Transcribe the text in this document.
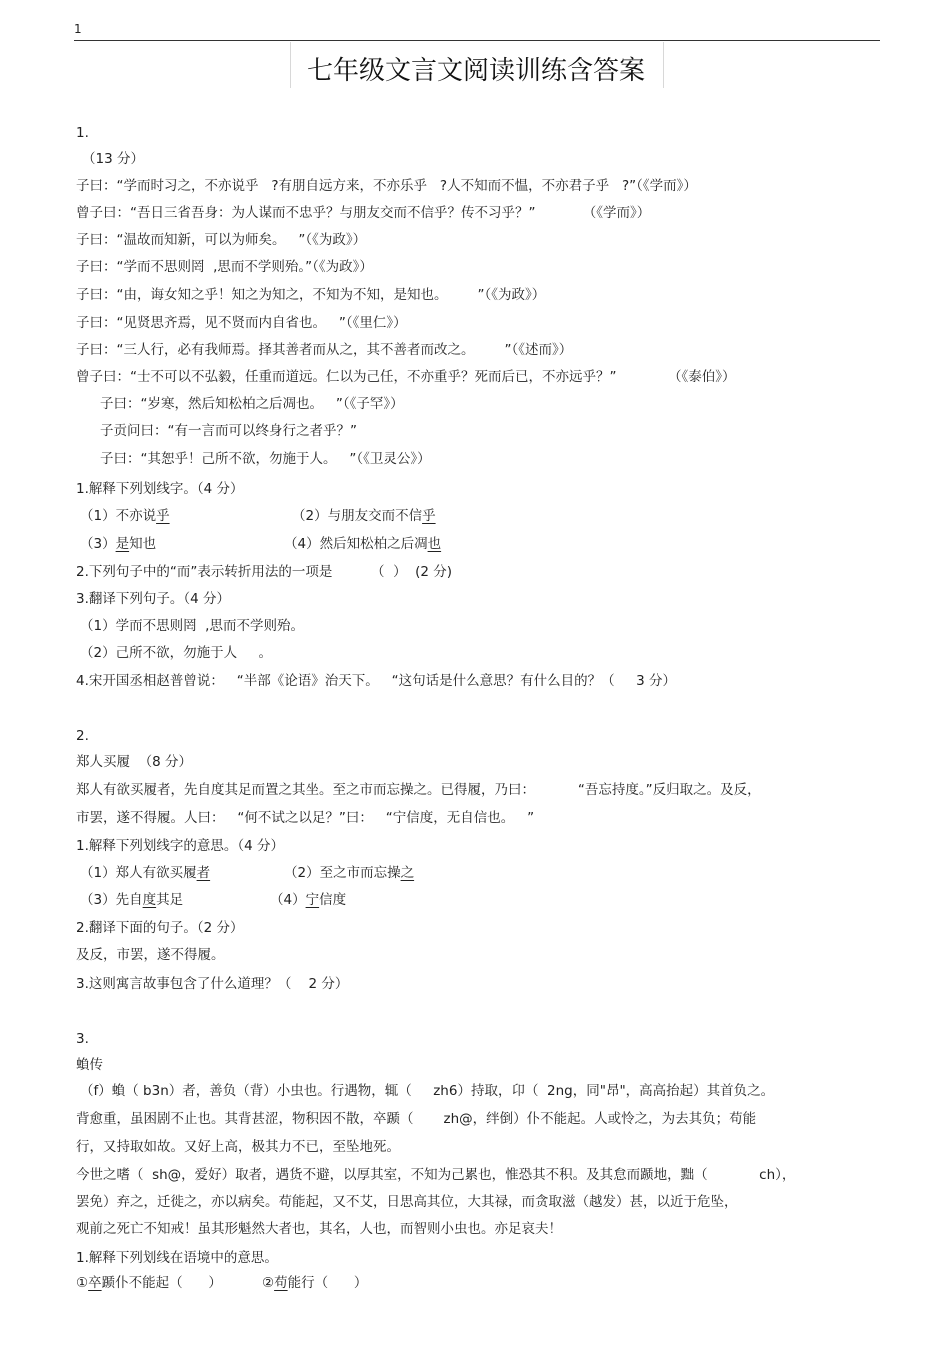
1
七年级文言文阅读训练含答案
1.
（13 分）
子曰：“学而时习之，不亦说乎   ?有朋自远方来，不亦乐乎   ?人不知而不愠，不亦君子乎   ?”（《学而》）
曾子曰：“吾日三省吾身：为人谋而不忠乎？与朋友交而不信乎？传不习乎？”           （《学而》）
子曰：“温故而知新，可以为师矣。   ”（《为政》）
子曰：“学而不思则罔  ,思而不学则殆。”（《为政》）
子曰：“由，诲女知之乎！知之为知之，不知为不知，是知也。       ”（《为政》）
子曰：“见贤思齐焉，见不贤而内自省也。   ”（《里仁》）
子曰：“三人行，必有我师焉。择其善者而从之，其不善者而改之。       ”（《述而》）
曾子曰：“士不可以不弘毅，任重而道远。仁以为己任，不亦重乎？死而后已，不亦远乎？”            （《泰伯》）
子曰：“岁寒，然后知松柏之后凋也。   ”（《子罕》）
子贡问曰：“有一言而可以终身行之者乎？”
子曰：“其恕乎！己所不欲，勿施于人。   ”（《卫灵公》）
1.解释下列划线字。（4 分）
（1）不亦说乎	（2）与朋友交而不信乎
（3）是知也	（4）然后知松柏之后凋也
2.下列句子中的“而”表示转折用法的一项是         （  ）  (2 分)
3.翻译下列句子。（4 分）
（1）学而不思则罔  ,思而不学则殆。
（2）己所不欲，勿施于人     。
4.宋开国丞相赵普曾说：   “半部《论语》治天下。   “这句话是什么意思？有什么目的？（     3 分）
2.
郑人买履  （8 分）
郑人有欲买履者，先自度其足而置之其坐。至之市而忘操之。已得履，乃曰：          “吾忘持度。”反归取之。及反，
市罢，遂不得履。人曰：   “何不试之以足？”曰：   “宁信度，无自信也。   ”
1.解释下列划线字的意思。（4 分）
（1）郑人有欲买履者	（2）至之市而忘操之
（3）先自度其足	（4）宁信度
2.翻译下面的句子。（2 分）
及反，市罢，遂不得履。
3.这则寓言故事包含了什么道理？（    2 分）
3.
蝜传
（f）蝜（ b3n）者，善负（背）小虫也。行遇物，辄（     zh6）持取，卬（  2ng，同"昂"，高高抬起）其首负之。
背愈重，虽困剧不止也。其背甚涩，物积因不散，卒踬（       zh@，绊倒）仆不能起。人或怜之，为去其负；苟能
行，又持取如故。又好上高，极其力不已，至坠地死。
今世之嗜（  sh@，爱好）取者，遇货不避，以厚其室，不知为己累也，惟恐其不积。及其怠而踬地，黜（            ch），
罢免）弃之，迁徙之，亦以病矣。苟能起，又不艾，日思高其位，大其禄，而贪取滋（越发）甚，以近于危坠，
观前之死亡不知戒！虽其形魁然大者也，其名，人也，而智则小虫也。亦足哀夫！
1.解释下列划线在语境中的意思。
①卒踬仆不能起（      ）	②苟能行（      ）
